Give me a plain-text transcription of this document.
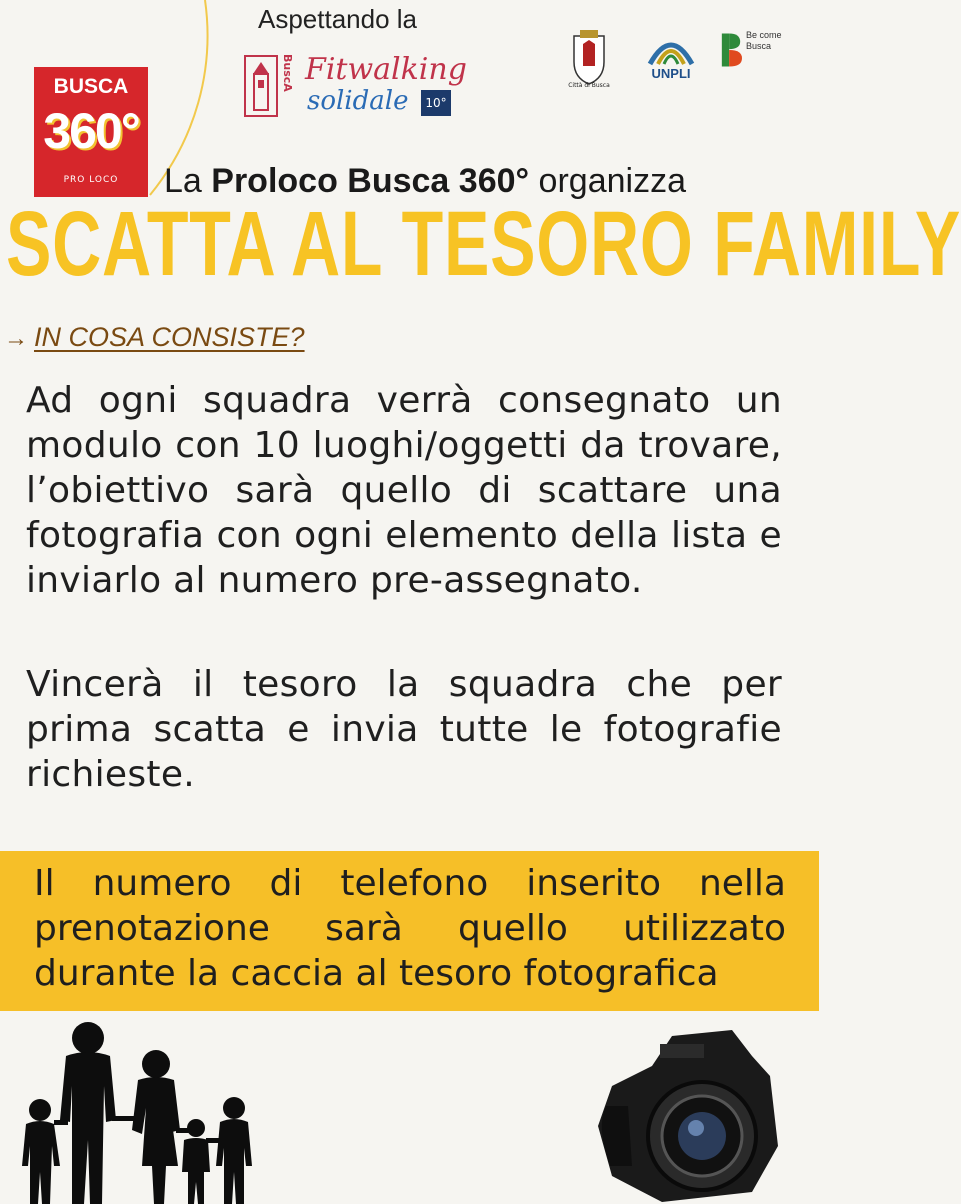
Aspettando la
BuscA Fitwalking
solidale	10°
BUSCA
360°
PRO LOCO
Città di Busca
UNPLI
Be come Busca
La Proloco Busca 360° organizza
SCATTA AL TESORO FAMILY
→ IN COSA CONSISTE?
Ad ogni squadra verrà consegnato un modulo con 10 luoghi/oggetti da trovare, l’obiettivo sarà quello di scattare una fotografia con ogni elemento della lista e inviarlo al numero pre-assegnato.
Vincerà il tesoro la squadra che per prima scatta e invia tutte le fotografie richieste.
Il numero di telefono inserito nella prenotazione sarà quello utilizzato durante la caccia al tesoro fotografica
